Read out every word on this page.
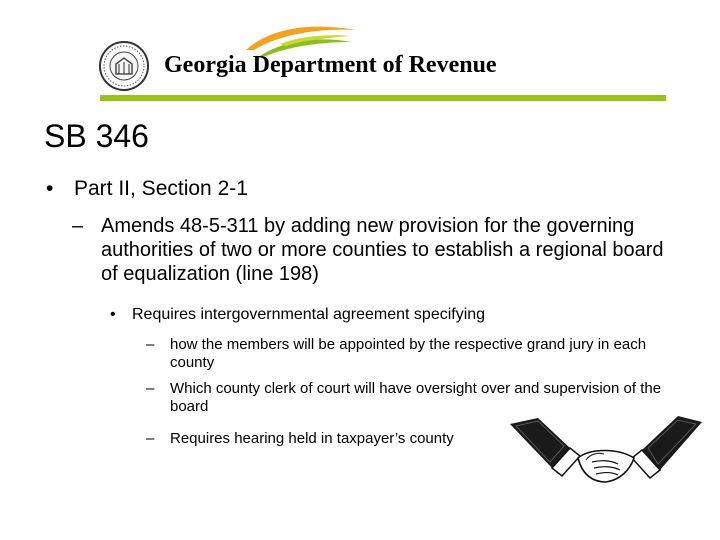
Georgia Department of Revenue
SB 346
• Part II, Section 2-1
– Amends 48-5-311 by adding new provision for the governing authorities of two or more counties to establish a regional board of equalization (line 198)
• Requires intergovernmental agreement specifying
– how the members will be appointed by the respective grand jury in each county
– Which county clerk of court will have oversight over and supervision of the board
– Requires hearing held in taxpayer’s county
